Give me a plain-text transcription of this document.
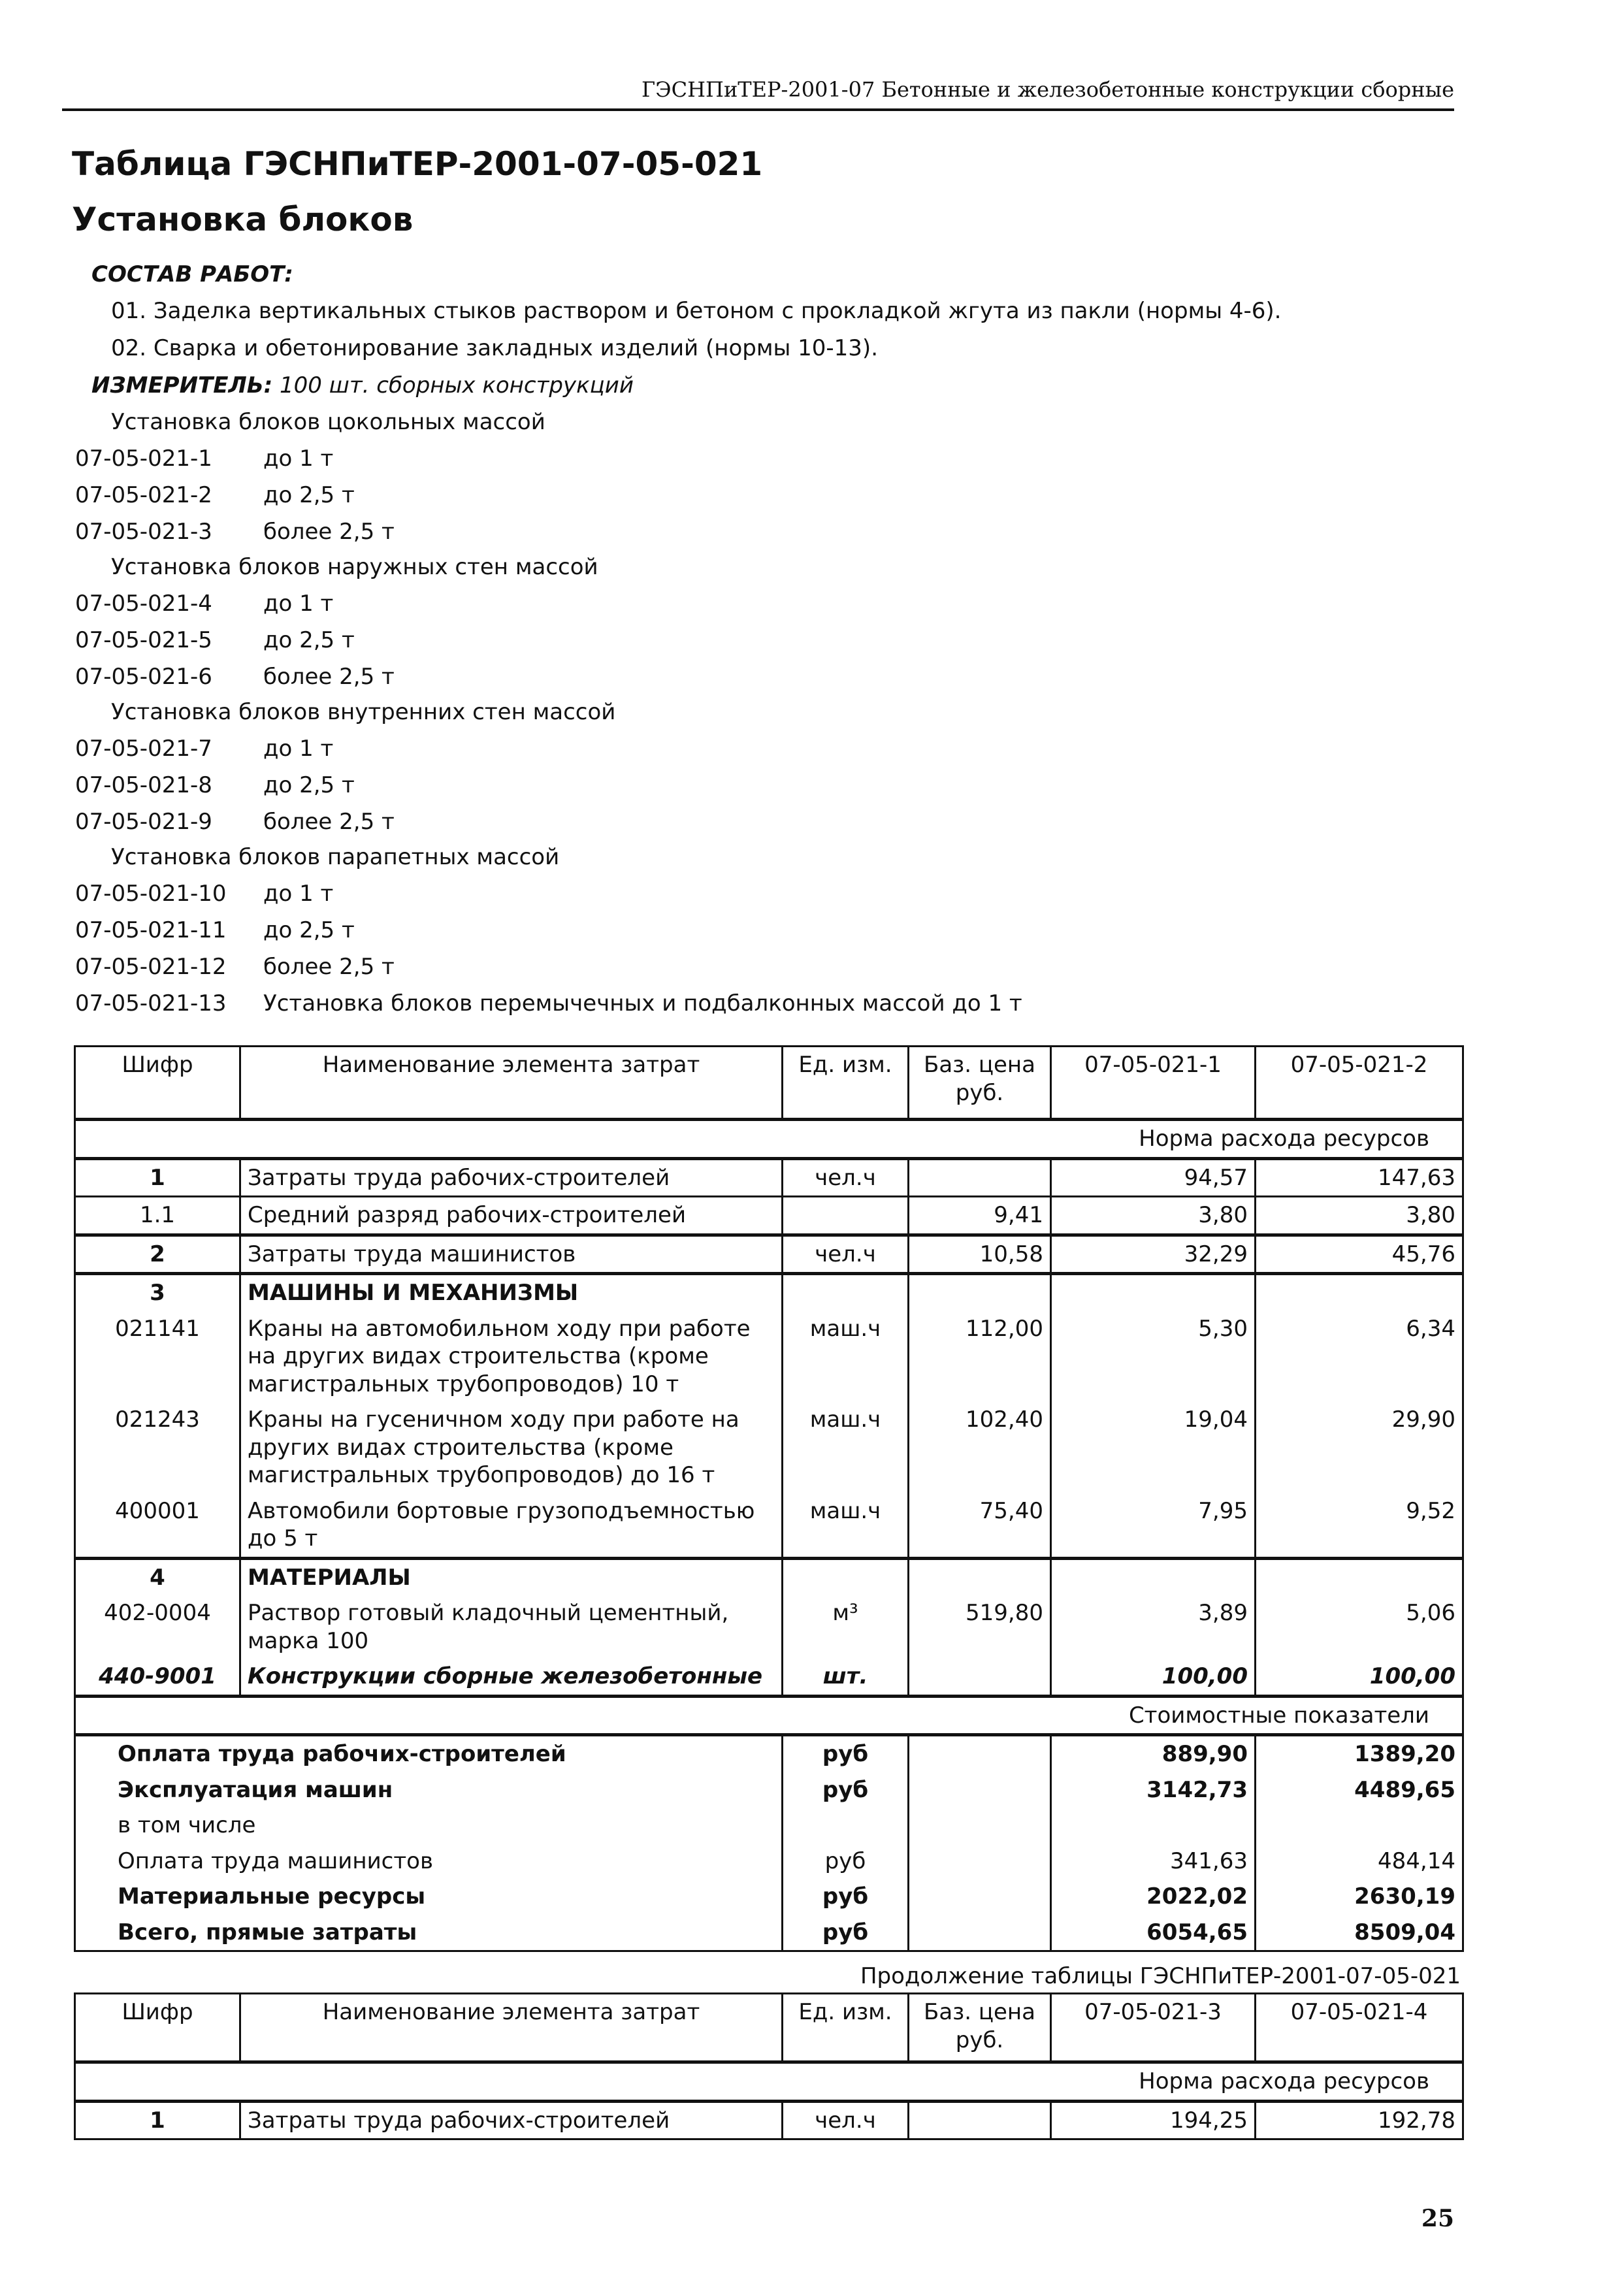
ГЭСНПиТЕР-2001-07 Бетонные и железобетонные конструкции сборные
Таблица ГЭСНПиТЕР-2001-07-05-021
Установка блоков
СОСТАВ РАБОТ:
01. Заделка вертикальных стыков раствором и бетоном с прокладкой жгута из пакли (нормы 4-6).
02. Сварка и обетонирование закладных изделий (нормы 10-13).
ИЗМЕРИТЕЛЬ: 100 шт. сборных конструкций
Установка блоков цокольных массой
07-05-021-1 до 1 т
07-05-021-2 до 2,5 т
07-05-021-3 более 2,5 т
Установка блоков наружных стен массой
07-05-021-4 до 1 т
07-05-021-5 до 2,5 т
07-05-021-6 более 2,5 т
Установка блоков внутренних стен массой
07-05-021-7 до 1 т
07-05-021-8 до 2,5 т
07-05-021-9 более 2,5 т
Установка блоков парапетных массой
07-05-021-10 до 1 т
07-05-021-11 до 2,5 т
07-05-021-12 более 2,5 т
07-05-021-13 Установка блоков перемычечных и подбалконных массой до 1 т
Шифр	Наименование элемента затрат	Ед. изм.	Баз. цена руб.	07-05-021-1	07-05-021-2
Норма расхода ресурсов					
1	Затраты труда рабочих-строителей	чел.ч		94,57	147,63
1.1	Средний разряд рабочих-строителей		9,41	3,80	3,80
2	Затраты труда машинистов	чел.ч	10,58	32,29	45,76
3	МАШИНЫ И МЕХАНИЗМЫ				
021141	Краны на автомобильном ходу при работе на других видах строительства (кроме магистральных трубопроводов) 10 т	маш.ч	112,00	5,30	6,34
021243	Краны на гусеничном ходу при работе на других видах строительства (кроме магистральных трубопроводов) до 16 т	маш.ч	102,40	19,04	29,90
400001	Автомобили бортовые грузоподъемностью до 5 т	маш.ч	75,40	7,95	9,52
4	МАТЕРИАЛЫ				
402-0004	Раствор готовый кладочный цементный, марка 100	м³	519,80	3,89	5,06
440-9001	Конструкции сборные железобетонные	шт.		100,00	100,00
Стоимостные показатели					
Оплата труда рабочих-строителей		руб		889,90	1389,20
Эксплуатация машин		руб		3142,73	4489,65
в том числе					
Оплата труда машинистов		руб		341,63	484,14
Материальные ресурсы		руб		2022,02	2630,19
Всего, прямые затраты		руб		6054,65	8509,04
Продолжение таблицы ГЭСНПиТЕР-2001-07-05-021
Шифр	Наименование элемента затрат	Ед. изм.	Баз. цена руб.	07-05-021-3	07-05-021-4
Норма расхода ресурсов					
1	Затраты труда рабочих-строителей	чел.ч		194,25	192,78
25
